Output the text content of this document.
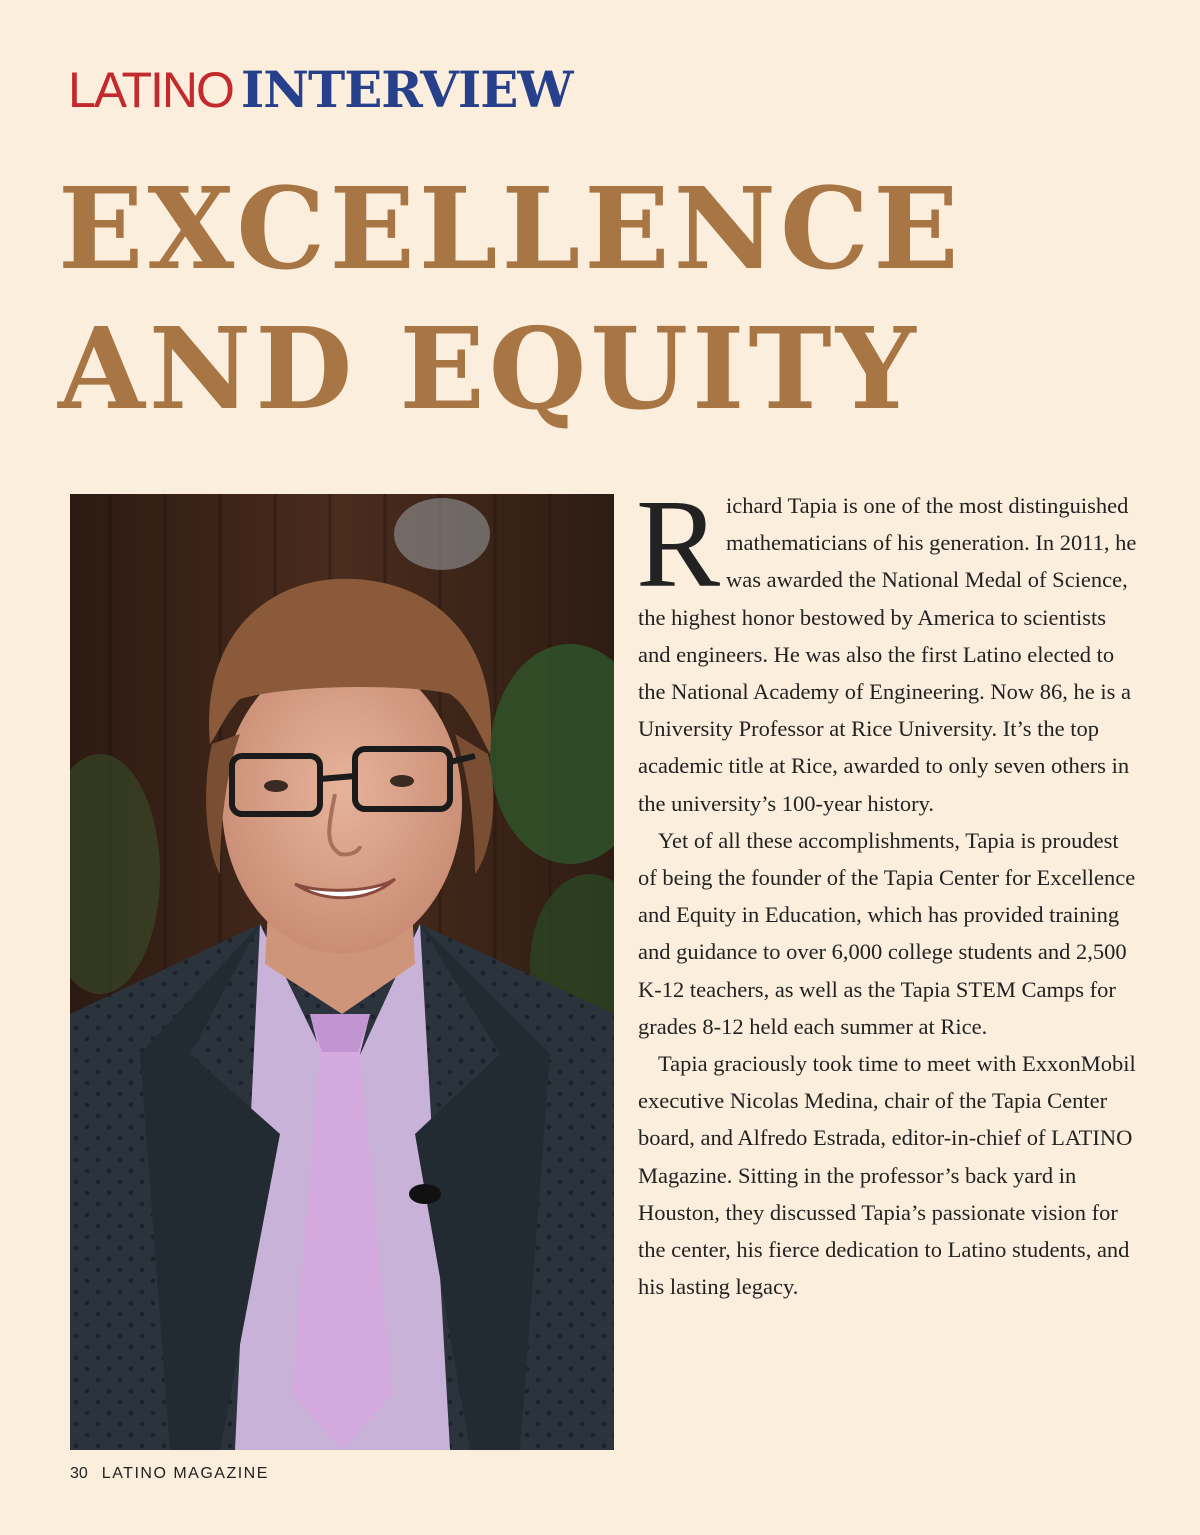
LATINO INTERVIEW
EXCELLENCE
AND EQUITY

Richard Tapia is one of the most distinguished mathematicians of his generation. In 2011, he was awarded the National Medal of Science, the highest honor bestowed by America to scientists and engineers. He was also the first Latino elected to the National Academy of Engineering. Now 86, he is a University Professor at Rice University. It’s the top academic title at Rice, awarded to only seven others in the university’s 100-year history.

Yet of all these accomplishments, Tapia is proudest of being the founder of the Tapia Center for Excellence and Equity in Education, which has provided training and guidance to over 6,000 college students and 2,500 K-12 teachers, as well as the Tapia STEM Camps for grades 8-12 held each summer at Rice.

Tapia graciously took time to meet with ExxonMobil executive Nicolas Medina, chair of the Tapia Center board, and Alfredo Estrada, editor-in-chief of LATINO Magazine. Sitting in the professor’s back yard in Houston, they discussed Tapia’s passionate vision for the center, his fierce dedication to Latino students, and his lasting legacy.

30 LATINO MAGAZINE
